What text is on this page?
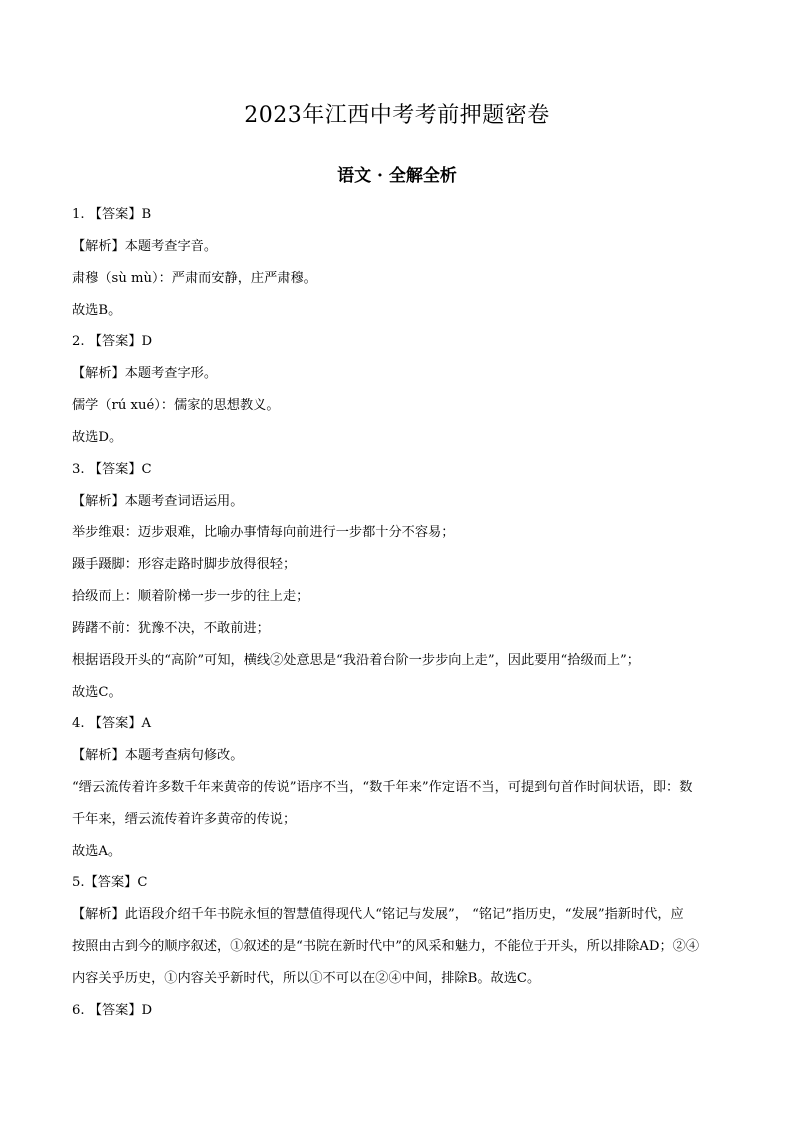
2023年江西中考考前押题密卷
语文 · 全解全析
1. 【答案】B
【解析】本题考查字音。
肃穆（sù mù）：严肃而安静，庄严肃穆。
故选B。
2. 【答案】D
【解析】本题考查字形。
儒学（rú xué）：儒家的思想教义。
故选D。
3. 【答案】C
【解析】本题考查词语运用。
举步维艰：迈步艰难，比喻办事情每向前进行一步都十分不容易；
蹑手蹑脚：形容走路时脚步放得很轻；
拾级而上：顺着阶梯一步一步的往上走；
踌躇不前：犹豫不决，不敢前进；
根据语段开头的“高阶”可知，横线②处意思是“我沿着台阶一步步向上走”，因此要用“拾级而上”；
故选C。
4. 【答案】A
【解析】本题考查病句修改。
“缙云流传着许多数千年来黄帝的传说”语序不当，“数千年来”作定语不当，可提到句首作时间状语，即：数
千年来，缙云流传着许多黄帝的传说；
故选A。
5.【答案】C
【解析】此语段介绍千年书院永恒的智慧值得现代人“铭记与发展”， “铭记”指历史，“发展”指新时代，应
按照由古到今的顺序叙述，①叙述的是“书院在新时代中”的风采和魅力，不能位于开头，所以排除AD；②④
内容关乎历史，①内容关乎新时代，所以①不可以在②④中间，排除B。故选C。
6. 【答案】D
